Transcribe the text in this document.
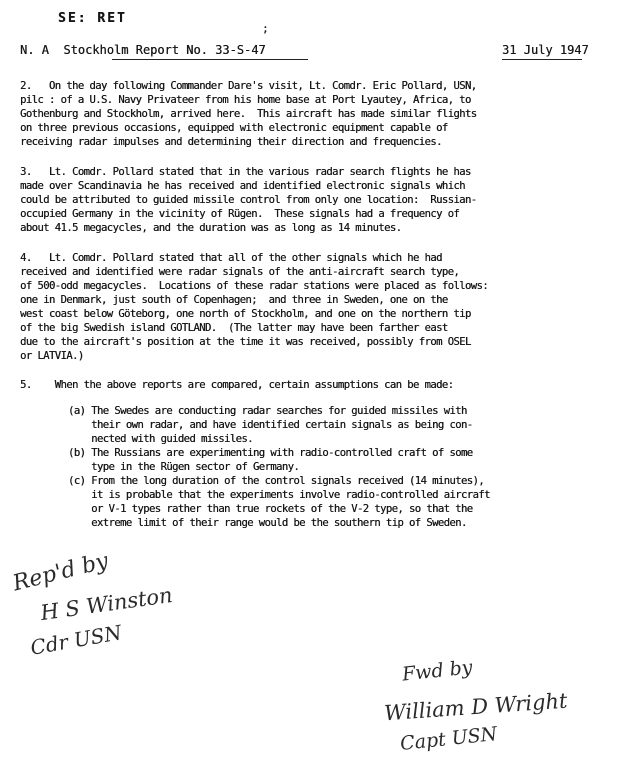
SE: RET
;
N. A  Stockholm Report No. 33-S-47	31 July 1947
2.   On the day following Commander Dare's visit, Lt. Comdr. Eric Pollard, USN,
pilc : of a U.S. Navy Privateer from his home base at Port Lyautey, Africa, to
Gothenburg and Stockholm, arrived here.  This aircraft has made similar flights
on three previous occasions, equipped with electronic equipment capable of
receiving radar impulses and determining their direction and frequencies.
3.   Lt. Comdr. Pollard stated that in the various radar search flights he has
made over Scandinavia he has received and identified electronic signals which
could be attributed to guided missile control from only one location:  Russian-
occupied Germany in the vicinity of Rügen.  These signals had a frequency of
about 41.5 megacycles, and the duration was as long as 14 minutes.
4.   Lt. Comdr. Pollard stated that all of the other signals which he had
received and identified were radar signals of the anti-aircraft search type,
of 500-odd megacycles.  Locations of these radar stations were placed as follows:
one in Denmark, just south of Copenhagen;  and three in Sweden, one on the
west coast below Göteborg, one north of Stockholm, and one on the northern tip
of the big Swedish island GOTLAND.  (The latter may have been farther east
due to the aircraft's position at the time it was received, possibly from OSEL
or LATVIA.)
5.    When the above reports are compared, certain assumptions can be made:
(a) The Swedes are conducting radar searches for guided missiles with
their own radar, and have identified certain signals as being con-
nected with guided missiles.
(b) The Russians are experimenting with radio-controlled craft of some
type in the Rügen sector of Germany.
(c) From the long duration of the control signals received (14 minutes),
it is probable that the experiments involve radio-controlled aircraft
or V-1 types rather than true rockets of the V-2 type, so that the
extreme limit of their range would be the southern tip of Sweden.
Rep'd by
H S Winston
Cdr USN
Fwd by
William D Wright
Capt USN
